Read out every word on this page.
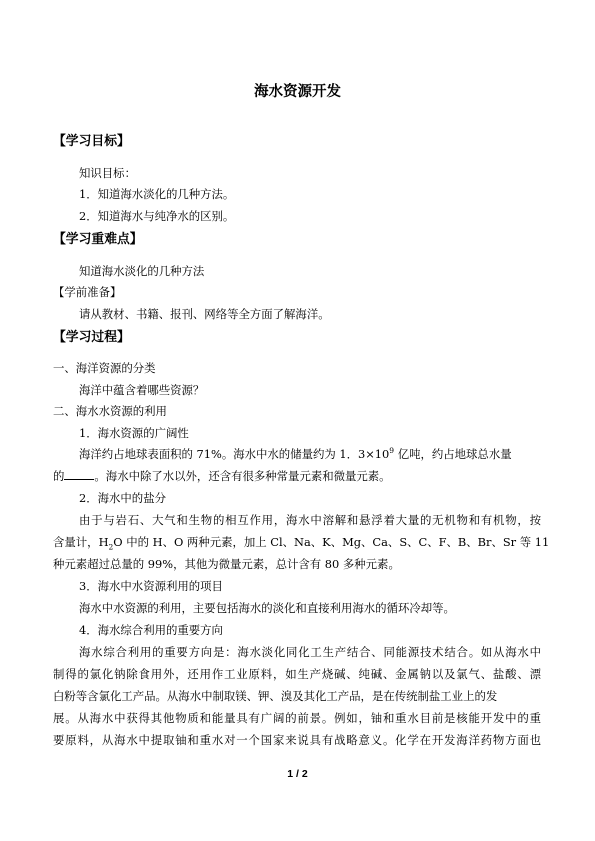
海水资源开发
【学习目标】
知识目标：
1．知道海水淡化的几种方法。
2．知道海水与纯净水的区别。
【学习重难点】
知道海水淡化的几种方法
【学前准备】
请从教材、书籍、报刊、网络等全方面了解海洋。
【学习过程】
一、海洋资源的分类
海洋中蕴含着哪些资源？
二、海水水资源的利用
1．海水资源的广阔性
海洋约占地球表面积的 71%。海水中水的储量约为 1．$3\times 10^9$ 亿吨，约占地球总水量
的	。海水中除了水以外，还含有很多种常量元素和微量元素。
2．海水中的盐分
由于与岩石、大气和生物的相互作用，海水中溶解和悬浮着大量的无机物和有机物，按
含量计，$H_2O$ 中的 H、O 两种元素，加上 Cl、Na、K、Mg、Ca、S、C、F、B、Br、Sr 等 11
种元素超过总量的 99%，其他为微量元素，总计含有 80 多种元素。
3．海水中水资源利用的项目
海水中水资源的利用，主要包括海水的淡化和直接利用海水的循环冷却等。
4．海水综合利用的重要方向
海水综合利用的重要方向是：海水淡化同化工生产结合、同能源技术结合。如从海水中
制得的氯化钠除食用外，还用作工业原料，如生产烧碱、纯碱、金属钠以及氯气、盐酸、漂
白粉等含氯化工产品。从海水中制取镁、钾、溴及其化工产品，是在传统制盐工业上的发
展。从海水中获得其他物质和能量具有广阔的前景。例如，铀和重水目前是核能开发中的重
要原料，从海水中提取铀和重水对一个国家来说具有战略意义。化学在开发海洋药物方面也
1 / 2
